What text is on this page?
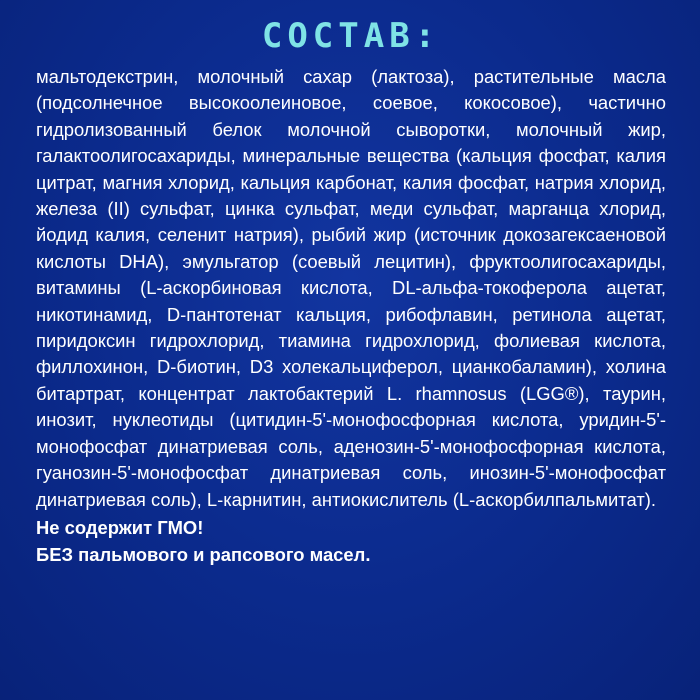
СОСТАВ:

мальтодекстрин, молочный сахар (лактоза), растительные масла (подсолнечное высокоолеиновое, соевое, кокосовое), частично гидролизованный белок молочной сыворотки, молочный жир, галактоолигосахариды, минеральные вещества (кальция фосфат, калия цитрат, магния хлорид, кальция карбонат, калия фосфат, натрия хлорид, железа (II) сульфат, цинка сульфат, меди сульфат, марганца хлорид, йодид калия, селенит натрия), рыбий жир (источник докозагексаеновой кислоты DHA), эмульгатор (соевый лецитин), фруктоолигосахариды, витамины (L-аскорбиновая кислота, DL-альфа-токоферола ацетат, никотинамид, D-пантотенат кальция, рибофлавин, ретинола ацетат, пиридоксин гидрохлорид, тиамина гидрохлорид, фолиевая кислота, филлохинон, D-биотин, D3 холекальциферол, цианкобаламин), холина битартрат, концентрат лактобактерий L. rhamnosus (LGG®), таурин, инозит, нуклеотиды (цитидин-5'-монофосфорная кислота, уридин-5'-монофосфат динатриевая соль, аденозин-5'-монофосфорная кислота, гуанозин-5'-монофосфат динатриевая соль, инозин-5'-монофосфат динатриевая соль), L-карнитин, антиокислитель (L-аскорбилпальмитат).

Не содержит ГМО!

БЕЗ пальмового и рапсового масел.
